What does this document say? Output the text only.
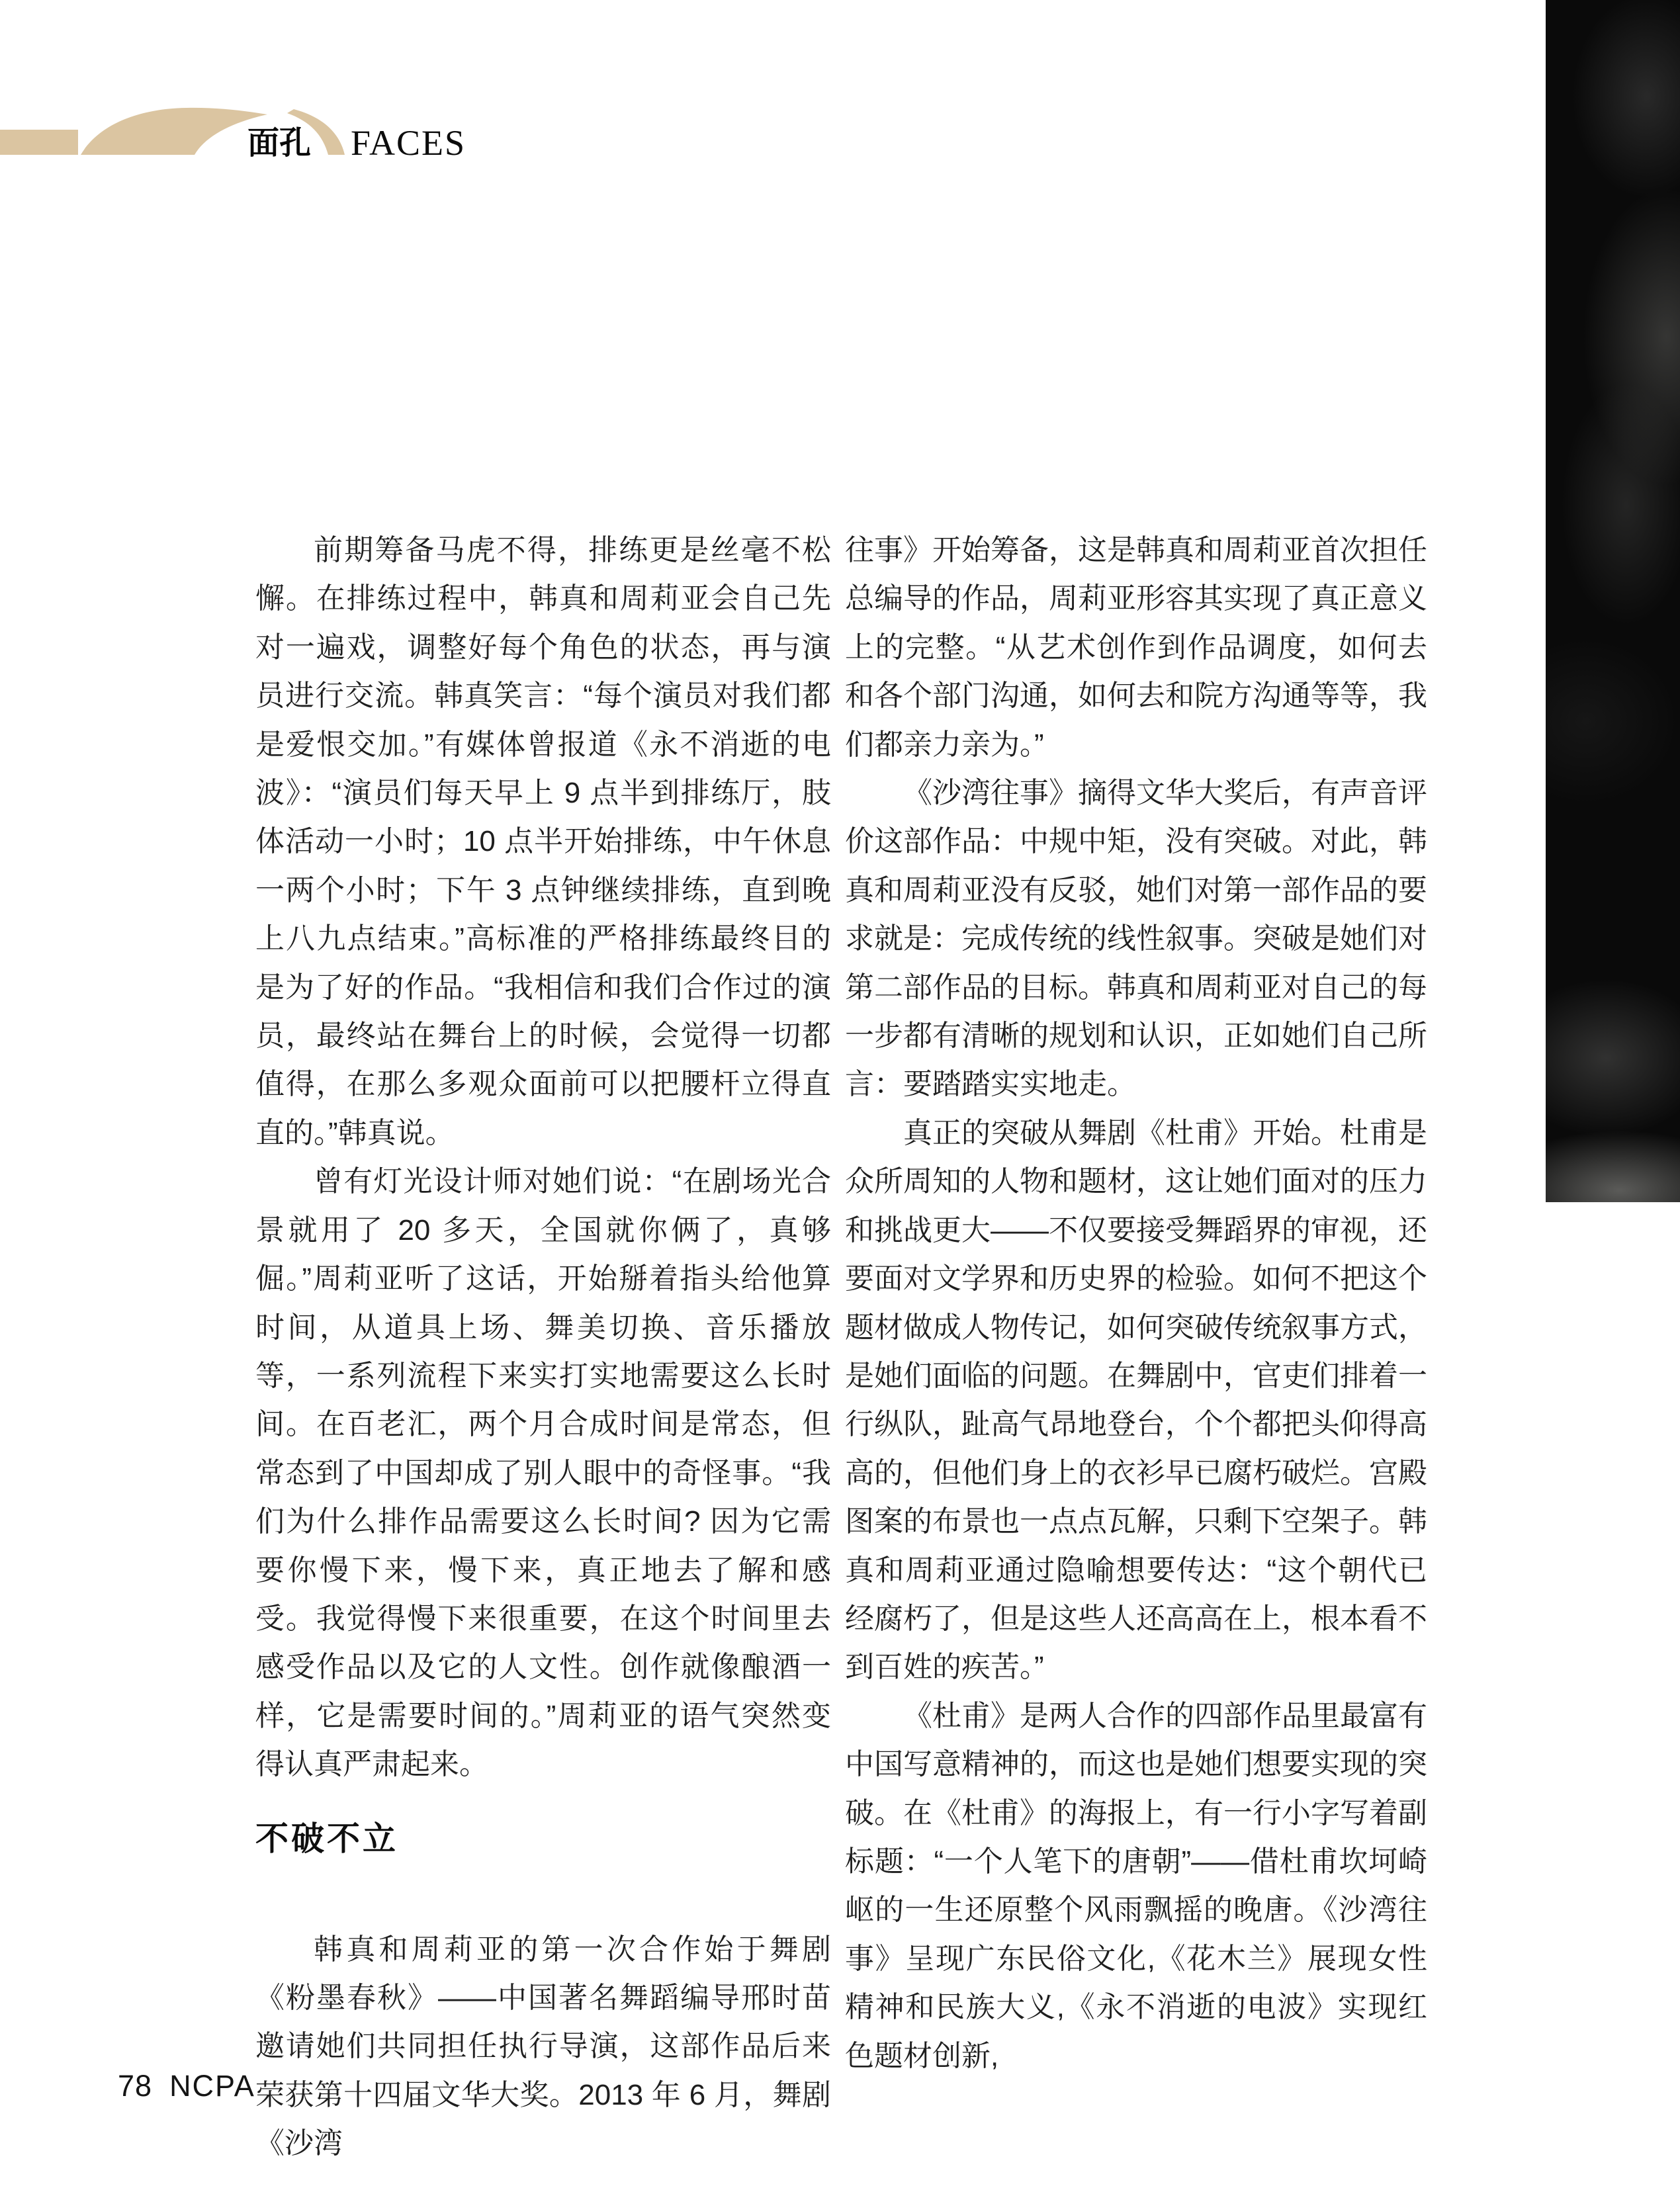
面孔 FACES

前期筹备马虎不得，排练更是丝毫不松懈。在排练过程中，韩真和周莉亚会自己先对一遍戏，调整好每个角色的状态，再与演员进行交流。韩真笑言：“每个演员对我们都是爱恨交加。”有媒体曾报道《永不消逝的电波》：“演员们每天早上 9 点半到排练厅，肢体活动一小时；10 点半开始排练，中午休息一两个小时；下午 3 点钟继续排练，直到晚上八九点结束。”高标准的严格排练最终目的是为了好的作品。“我相信和我们合作过的演员，最终站在舞台上的时候，会觉得一切都值得，在那么多观众面前可以把腰杆立得直直的。”韩真说。

曾有灯光设计师对她们说：“在剧场光合景就用了 20 多天，全国就你俩了，真够倔。”周莉亚听了这话，开始掰着指头给他算时间，从道具上场、舞美切换、音乐播放等，一系列流程下来实打实地需要这么长时间。在百老汇，两个月合成时间是常态，但常态到了中国却成了别人眼中的奇怪事。“我们为什么排作品需要这么长时间? 因为它需要你慢下来，慢下来，真正地去了解和感受。我觉得慢下来很重要，在这个时间里去感受作品以及它的人文性。创作就像酿酒一样，它是需要时间的。”周莉亚的语气突然变得认真严肃起来。

不破不立

韩真和周莉亚的第一次合作始于舞剧《粉墨春秋》——中国著名舞蹈编导邢时苗邀请她们共同担任执行导演，这部作品后来荣获第十四届文华大奖。2013 年 6 月，舞剧《沙湾

往事》开始筹备，这是韩真和周莉亚首次担任总编导的作品，周莉亚形容其实现了真正意义上的完整。“从艺术创作到作品调度，如何去和各个部门沟通，如何去和院方沟通等等，我们都亲力亲为。”

《沙湾往事》摘得文华大奖后，有声音评价这部作品：中规中矩，没有突破。对此，韩真和周莉亚没有反驳，她们对第一部作品的要求就是：完成传统的线性叙事。突破是她们对第二部作品的目标。韩真和周莉亚对自己的每一步都有清晰的规划和认识，正如她们自己所言：要踏踏实实地走。

真正的突破从舞剧《杜甫》开始。杜甫是众所周知的人物和题材，这让她们面对的压力和挑战更大——不仅要接受舞蹈界的审视，还要面对文学界和历史界的检验。如何不把这个题材做成人物传记，如何突破传统叙事方式，是她们面临的问题。在舞剧中，官吏们排着一行纵队，趾高气昂地登台，个个都把头仰得高高的，但他们身上的衣衫早已腐朽破烂。宫殿图案的布景也一点点瓦解，只剩下空架子。韩真和周莉亚通过隐喻想要传达：“这个朝代已经腐朽了，但是这些人还高高在上，根本看不到百姓的疾苦。”

《杜甫》是两人合作的四部作品里最富有中国写意精神的，而这也是她们想要实现的突破。在《杜甫》的海报上，有一行小字写着副标题：“一个人笔下的唐朝”——借杜甫坎坷崎岖的一生还原整个风雨飘摇的晚唐。《沙湾往事》呈现广东民俗文化,《花木兰》展现女性精神和民族大义,《永不消逝的电波》实现红色题材创新,

78 NCPA
